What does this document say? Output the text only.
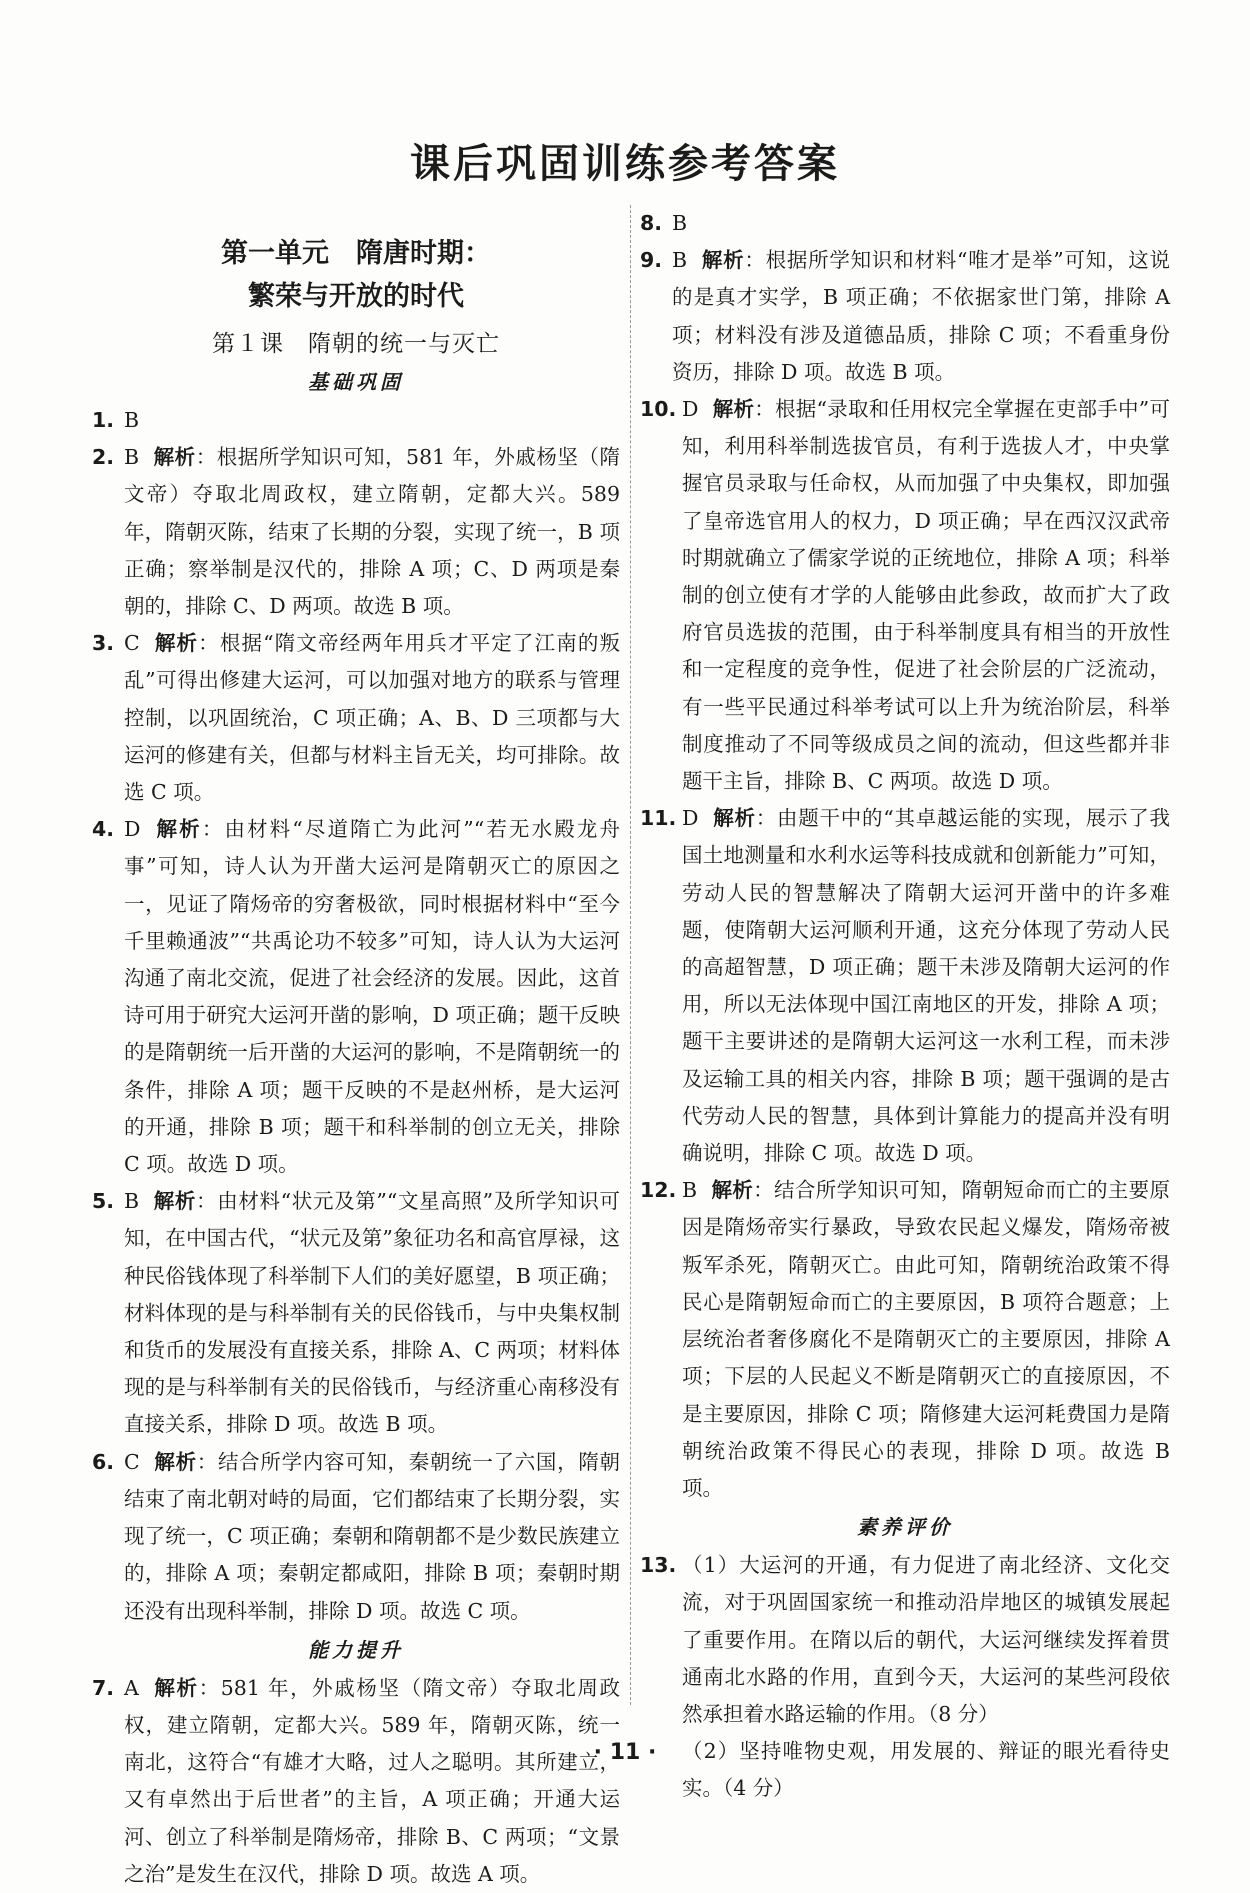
课后巩固训练参考答案
第一单元　隋唐时期：
繁荣与开放的时代
第１课　隋朝的统一与灭亡
基础巩固
1. B
2. B 解析：根据所学知识可知，581 年，外戚杨坚（隋文帝）夺取北周政权，建立隋朝，定都大兴。589 年，隋朝灭陈，结束了长期的分裂，实现了统一，B 项正确；察举制是汉代的，排除 A 项；C、D 两项是秦朝的，排除 C、D 两项。故选 B 项。
3. C 解析：根据“隋文帝经两年用兵才平定了江南的叛乱”可得出修建大运河，可以加强对地方的联系与管理控制，以巩固统治，C 项正确；A、B、D 三项都与大运河的修建有关，但都与材料主旨无关，均可排除。故选 C 项。
4. D 解析：由材料“尽道隋亡为此河”“若无水殿龙舟事”可知，诗人认为开凿大运河是隋朝灭亡的原因之一，见证了隋炀帝的穷奢极欲，同时根据材料中“至今千里赖通波”“共禹论功不较多”可知，诗人认为大运河沟通了南北交流，促进了社会经济的发展。因此，这首诗可用于研究大运河开凿的影响，D 项正确；题干反映的是隋朝统一后开凿的大运河的影响，不是隋朝统一的条件，排除 A 项；题干反映的不是赵州桥，是大运河的开通，排除 B 项；题干和科举制的创立无关，排除 C 项。故选 D 项。
5. B 解析：由材料“状元及第”“文星高照”及所学知识可知，在中国古代，“状元及第”象征功名和高官厚禄，这种民俗钱体现了科举制下人们的美好愿望，B 项正确；材料体现的是与科举制有关的民俗钱币，与中央集权制和货币的发展没有直接关系，排除 A、C 两项；材料体现的是与科举制有关的民俗钱币，与经济重心南移没有直接关系，排除 D 项。故选 B 项。
6. C 解析：结合所学内容可知，秦朝统一了六国，隋朝结束了南北朝对峙的局面，它们都结束了长期分裂，实现了统一，C 项正确；秦朝和隋朝都不是少数民族建立的，排除 A 项；秦朝定都咸阳，排除 B 项；秦朝时期还没有出现科举制，排除 D 项。故选 C 项。
能力提升
7. A 解析：581 年，外戚杨坚（隋文帝）夺取北周政权，建立隋朝，定都大兴。589 年，隋朝灭陈，统一南北，这符合“有雄才大略，过人之聪明。其所建立，又有卓然出于后世者”的主旨，A 项正确；开通大运河、创立了科举制是隋炀帝，排除 B、C 两项；“文景之治”是发生在汉代，排除 D 项。故选 A 项。
8. B
9. B 解析：根据所学知识和材料“唯才是举”可知，这说的是真才实学，B 项正确；不依据家世门第，排除 A 项；材料没有涉及道德品质，排除 C 项；不看重身份资历，排除 D 项。故选 B 项。
10. D 解析：根据“录取和任用权完全掌握在吏部手中”可知，利用科举制选拔官员，有利于选拔人才，中央掌握官员录取与任命权，从而加强了中央集权，即加强了皇帝选官用人的权力，D 项正确；早在西汉汉武帝时期就确立了儒家学说的正统地位，排除 A 项；科举制的创立使有才学的人能够由此参政，故而扩大了政府官员选拔的范围，由于科举制度具有相当的开放性和一定程度的竞争性，促进了社会阶层的广泛流动，有一些平民通过科举考试可以上升为统治阶层，科举制度推动了不同等级成员之间的流动，但这些都并非题干主旨，排除 B、C 两项。故选 D 项。
11. D 解析：由题干中的“其卓越运能的实现，展示了我国土地测量和水利水运等科技成就和创新能力”可知，劳动人民的智慧解决了隋朝大运河开凿中的许多难题，使隋朝大运河顺利开通，这充分体现了劳动人民的高超智慧，D 项正确；题干未涉及隋朝大运河的作用，所以无法体现中国江南地区的开发，排除 A 项；题干主要讲述的是隋朝大运河这一水利工程，而未涉及运输工具的相关内容，排除 B 项；题干强调的是古代劳动人民的智慧，具体到计算能力的提高并没有明确说明，排除 C 项。故选 D 项。
12. B 解析：结合所学知识可知，隋朝短命而亡的主要原因是隋炀帝实行暴政，导致农民起义爆发，隋炀帝被叛军杀死，隋朝灭亡。由此可知，隋朝统治政策不得民心是隋朝短命而亡的主要原因，B 项符合题意；上层统治者奢侈腐化不是隋朝灭亡的主要原因，排除 A 项；下层的人民起义不断是隋朝灭亡的直接原因，不是主要原因，排除 C 项；隋修建大运河耗费国力是隋朝统治政策不得民心的表现，排除 D 项。故选 B 项。
素养评价
13. （1）大运河的开通，有力促进了南北经济、文化交流，对于巩固国家统一和推动沿岸地区的城镇发展起了重要作用。在隋以后的朝代，大运河继续发挥着贯通南北水路的作用，直到今天，大运河的某些河段依然承担着水路运输的作用。（8 分）
（2）坚持唯物史观，用发展的、辩证的眼光看待史实。（4 分）
· 11 ·
